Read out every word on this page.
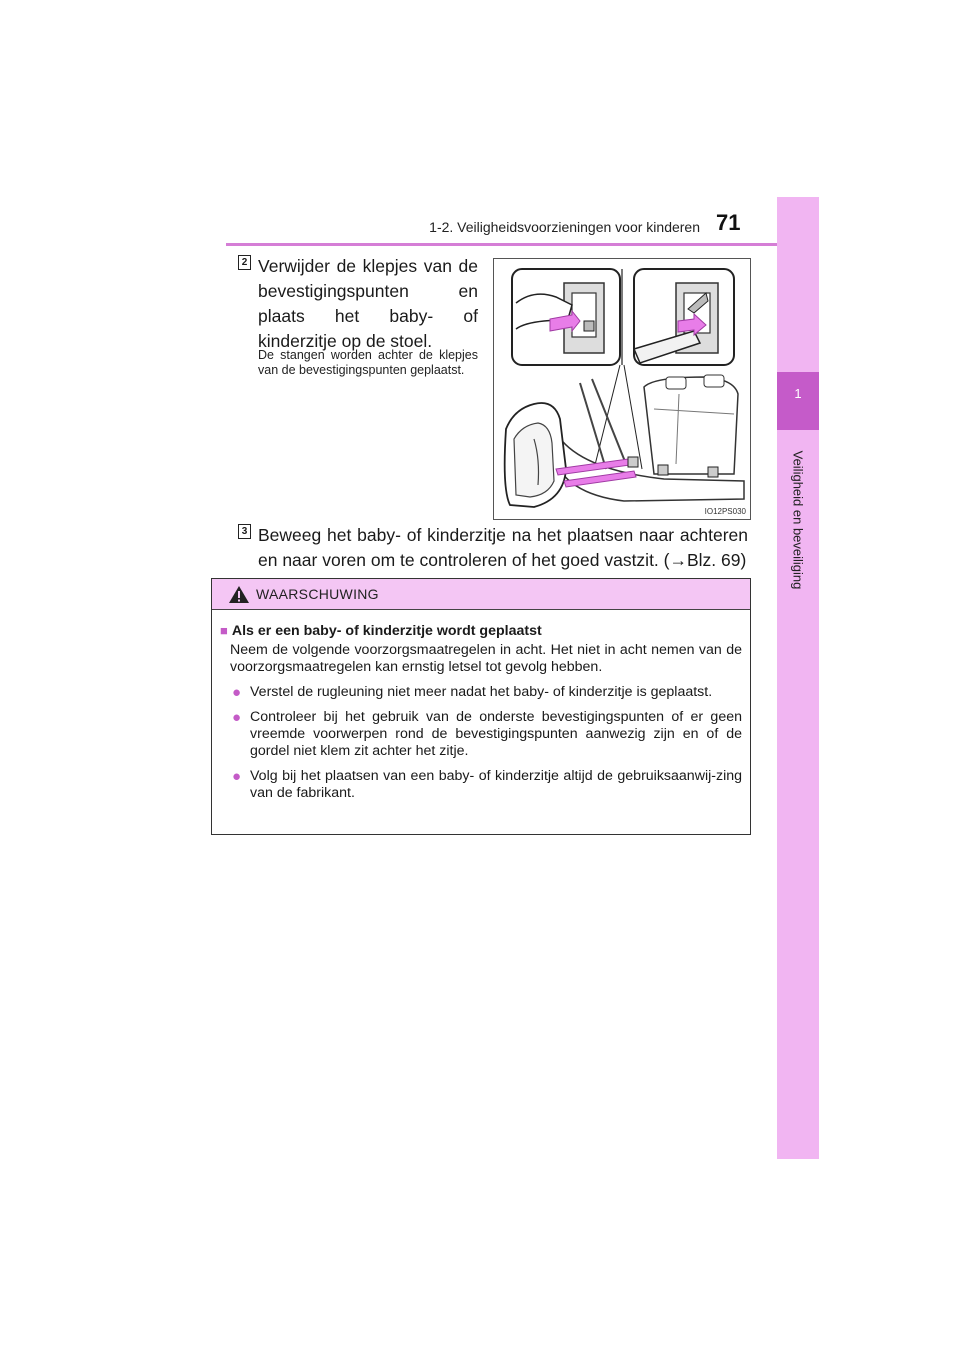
1-2. Veiligheidsvoorzieningen voor kinderen 71
1
Veiligheid en beveiliging
2 Verwijder de klepjes van de bevestigingspunten en plaats het baby- of kinderzitje op de stoel.
De stangen worden achter de klepjes van de bevestigingspunten geplaatst.
IO12PS030
3 Beweeg het baby- of kinderzitje na het plaatsen naar achteren en naar voren om te controleren of het goed vastzit. (→Blz. 69)
WAARSCHUWING
■ Als er een baby- of kinderzitje wordt geplaatst
Neem de volgende voorzorgsmaatregelen in acht. Het niet in acht nemen van de voorzorgsmaatregelen kan ernstig letsel tot gevolg hebben.
● Verstel de rugleuning niet meer nadat het baby- of kinderzitje is geplaatst.
● Controleer bij het gebruik van de onderste bevestigingspunten of er geen vreemde voorwerpen rond de bevestigingspunten aanwezig zijn en of de gordel niet klem zit achter het zitje.
● Volg bij het plaatsen van een baby- of kinderzitje altijd de gebruiksaanwij-zing van de fabrikant.
